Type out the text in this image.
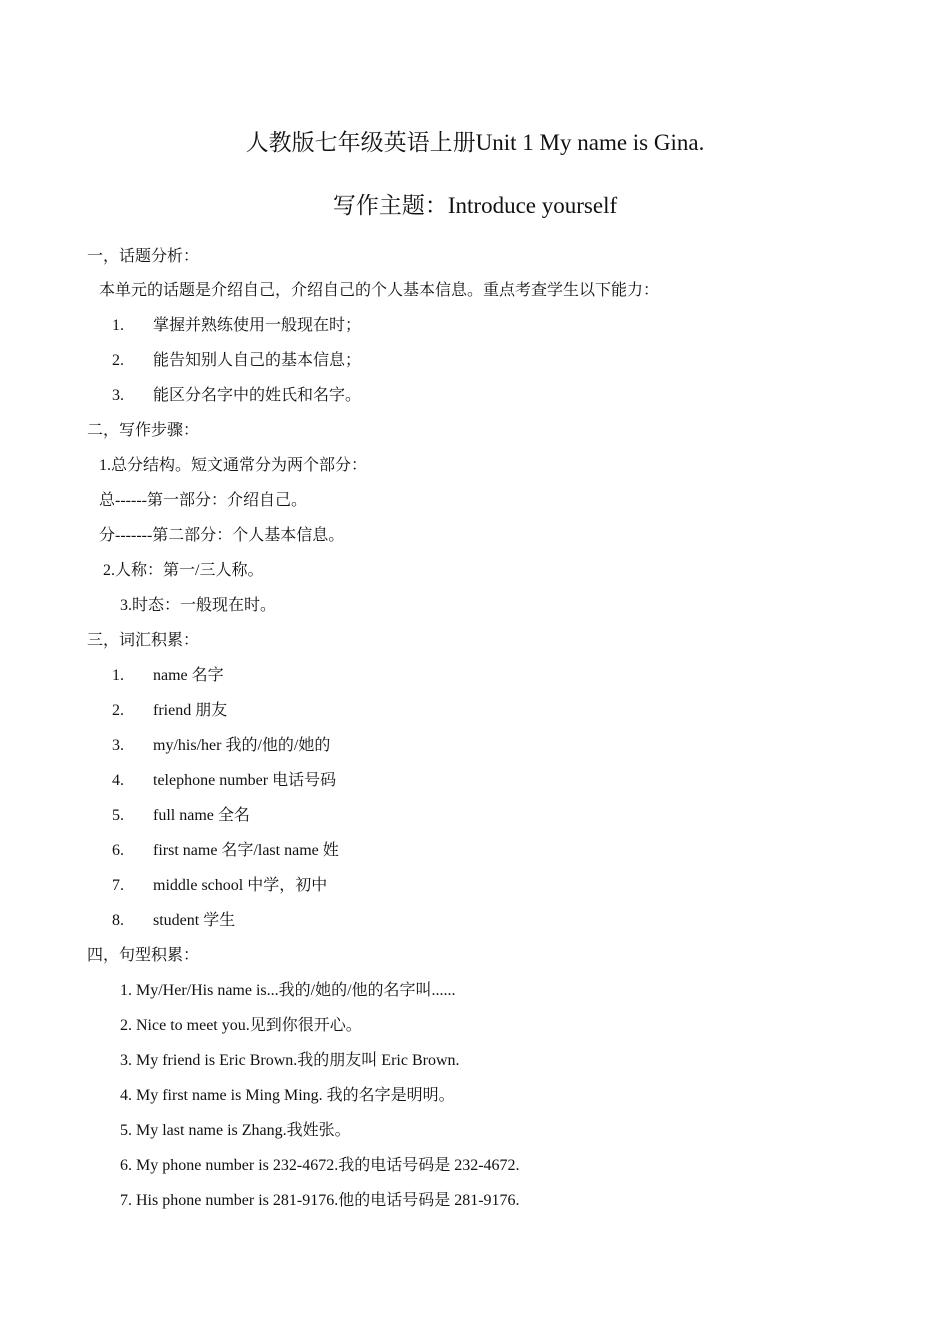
人教版七年级英语上册Unit 1 My name is Gina.
写作主题：Introduce yourself
一，话题分析：
本单元的话题是介绍自己，介绍自己的个人基本信息。重点考查学生以下能力：
1. 掌握并熟练使用一般现在时；
2. 能告知别人自己的基本信息；
3. 能区分名字中的姓氏和名字。
二，写作步骤：
1.总分结构。短文通常分为两个部分：
总------第一部分：介绍自己。
分-------第二部分：个人基本信息。
2.人称：第一/三人称。
3.时态：一般现在时。
三，词汇积累：
1. name 名字
2. friend 朋友
3. my/his/her 我的/他的/她的
4. telephone number 电话号码
5. full name 全名
6. first name 名字/last name 姓
7. middle school 中学，初中
8. student 学生
四，句型积累：
1. My/Her/His name is...我的/她的/他的名字叫......
2. Nice to meet you.见到你很开心。
3. My friend is Eric Brown.我的朋友叫 Eric Brown.
4. My first name is Ming Ming. 我的名字是明明。
5. My last name is Zhang.我姓张。
6. My phone number is 232-4672.我的电话号码是 232-4672.
7. His phone number is 281-9176.他的电话号码是 281-9176.
